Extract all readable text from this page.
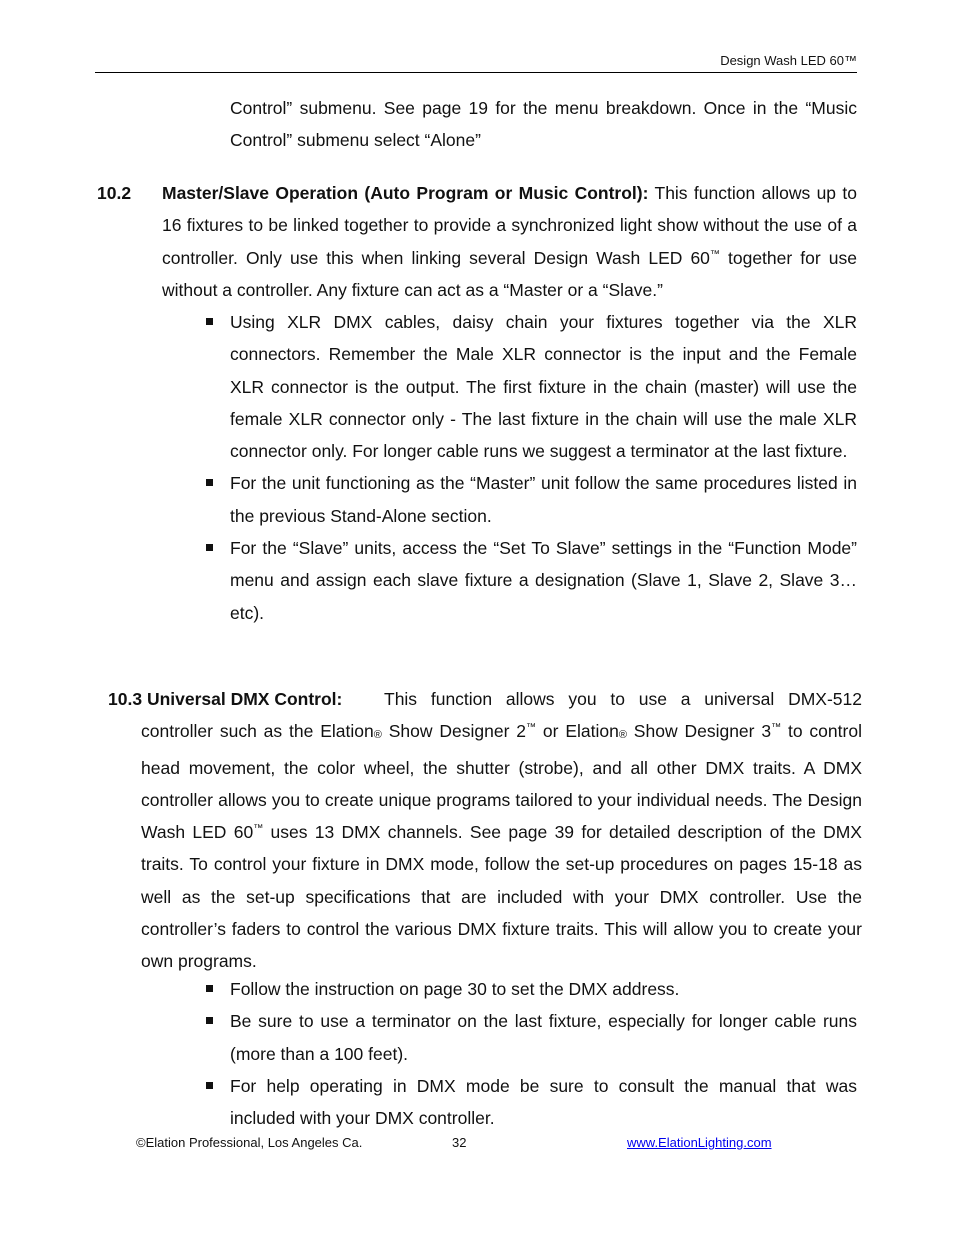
Design Wash LED 60™

Control” submenu. See page 19 for the menu breakdown. Once in the “Music Control” submenu select “Alone”

10.2 Master/Slave Operation (Auto Program or Music Control): This function allows up to 16 fixtures to be linked together to provide a synchronized light show without the use of a controller. Only use this when linking several Design Wash LED 60™ together for use without a controller. Any fixture can act as a “Master or a “Slave.”

Using XLR DMX cables, daisy chain your fixtures together via the XLR connectors. Remember the Male XLR connector is the input and the Female XLR connector is the output. The first fixture in the chain (master) will use the female XLR connector only - The last fixture in the chain will use the male XLR connector only. For longer cable runs we suggest a terminator at the last fixture.

For the unit functioning as the “Master” unit follow the same procedures listed in the previous Stand-Alone section.

For the “Slave” units, access the “Set To Slave” settings in the “Function Mode” menu and assign each slave fixture a designation (Slave 1, Slave 2, Slave 3…etc).

10.3 Universal DMX Control:	This function allows you to use a universal DMX-512 controller such as the Elation® Show Designer 2™ or Elation® Show Designer 3™ to control head movement, the color wheel, the shutter (strobe), and all other DMX traits. A DMX controller allows you to create unique programs tailored to your individual needs. The Design Wash LED 60™ uses 13 DMX channels. See page 39 for detailed description of the DMX traits. To control your fixture in DMX mode, follow the set-up procedures on pages 15-18 as well as the set-up specifications that are included with your DMX controller. Use the controller’s faders to control the various DMX fixture traits. This will allow you to create your own programs.

Follow the instruction on page 30 to set the DMX address.

Be sure to use a terminator on the last fixture, especially for longer cable runs (more than a 100 feet).

For help operating in DMX mode be sure to consult the manual that was included with your DMX controller.

©Elation Professional, Los Angeles Ca.	32	www.ElationLighting.com
